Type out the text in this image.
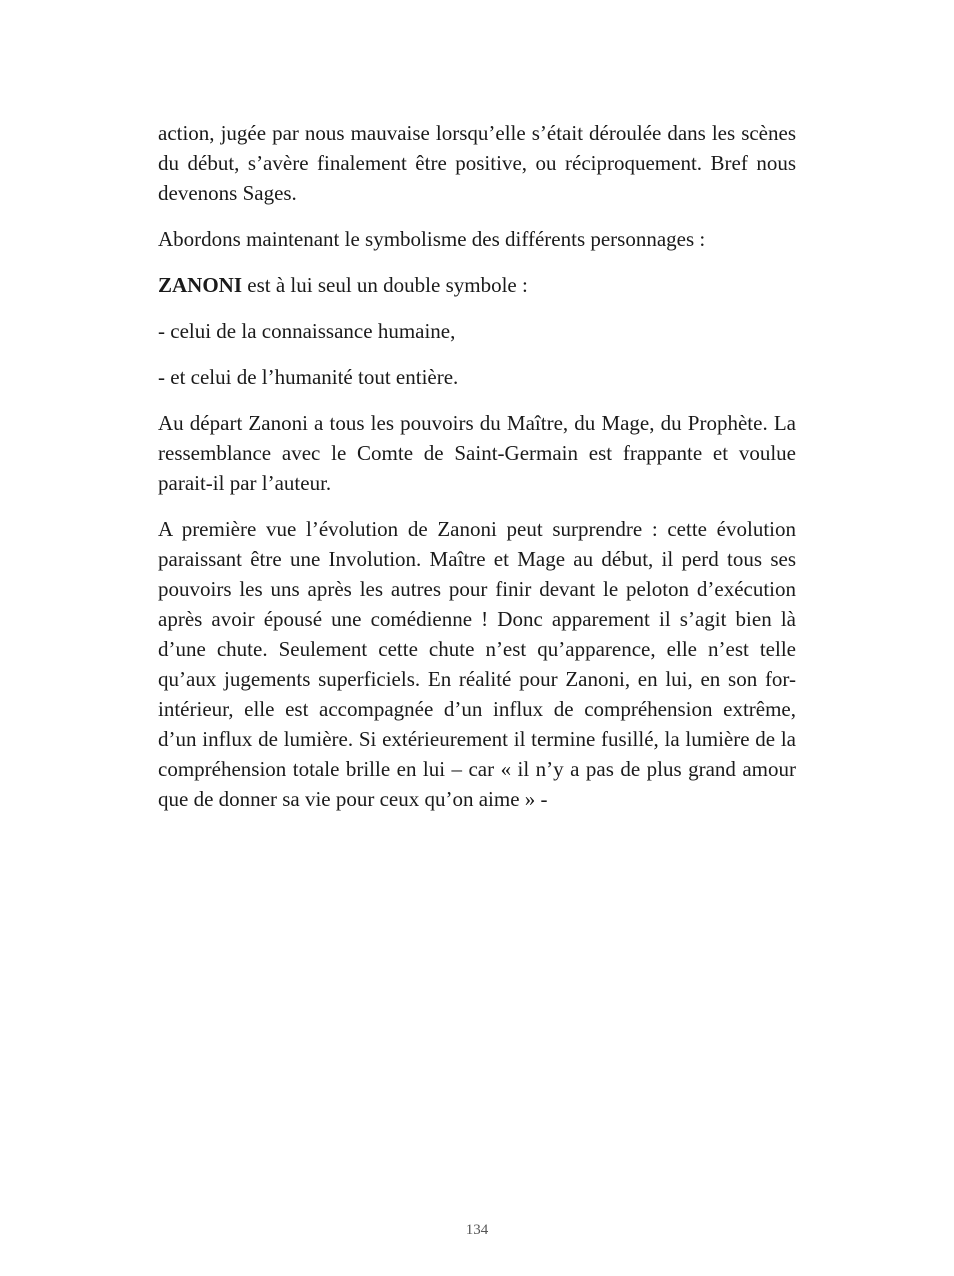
action, jugée par nous mauvaise lorsqu’elle s’était déroulée dans les scènes du début, s’avère finalement être positive, ou réciproquement. Bref nous devenons Sages.

Abordons maintenant le symbolisme des différents personnages :

ZANONI est à lui seul un double symbole :

- celui de la connaissance humaine,

- et celui de l’humanité tout entière.

Au départ Zanoni a tous les pouvoirs du Maître, du Mage, du Prophète. La ressemblance avec le Comte de Saint-Germain est frappante et voulue parait-il par l’auteur.

A première vue l’évolution de Zanoni peut surprendre : cette évolution paraissant être une Involution. Maître et Mage au début, il perd tous ses pouvoirs les uns après les autres pour finir devant le peloton d’exécution après avoir épousé une comédienne ! Donc apparement il s’agit bien là d’une chute. Seulement cette chute n’est qu’apparence, elle n’est telle qu’aux jugements superficiels. En réalité pour Zanoni, en lui, en son for-intérieur, elle est accompagnée d’un influx de compréhension extrême, d’un influx de lumière. Si extérieurement il termine fusillé, la lumière de la compréhension totale brille en lui – car « il n’y a pas de plus grand amour que de donner sa vie pour ceux qu’on aime » -

134
